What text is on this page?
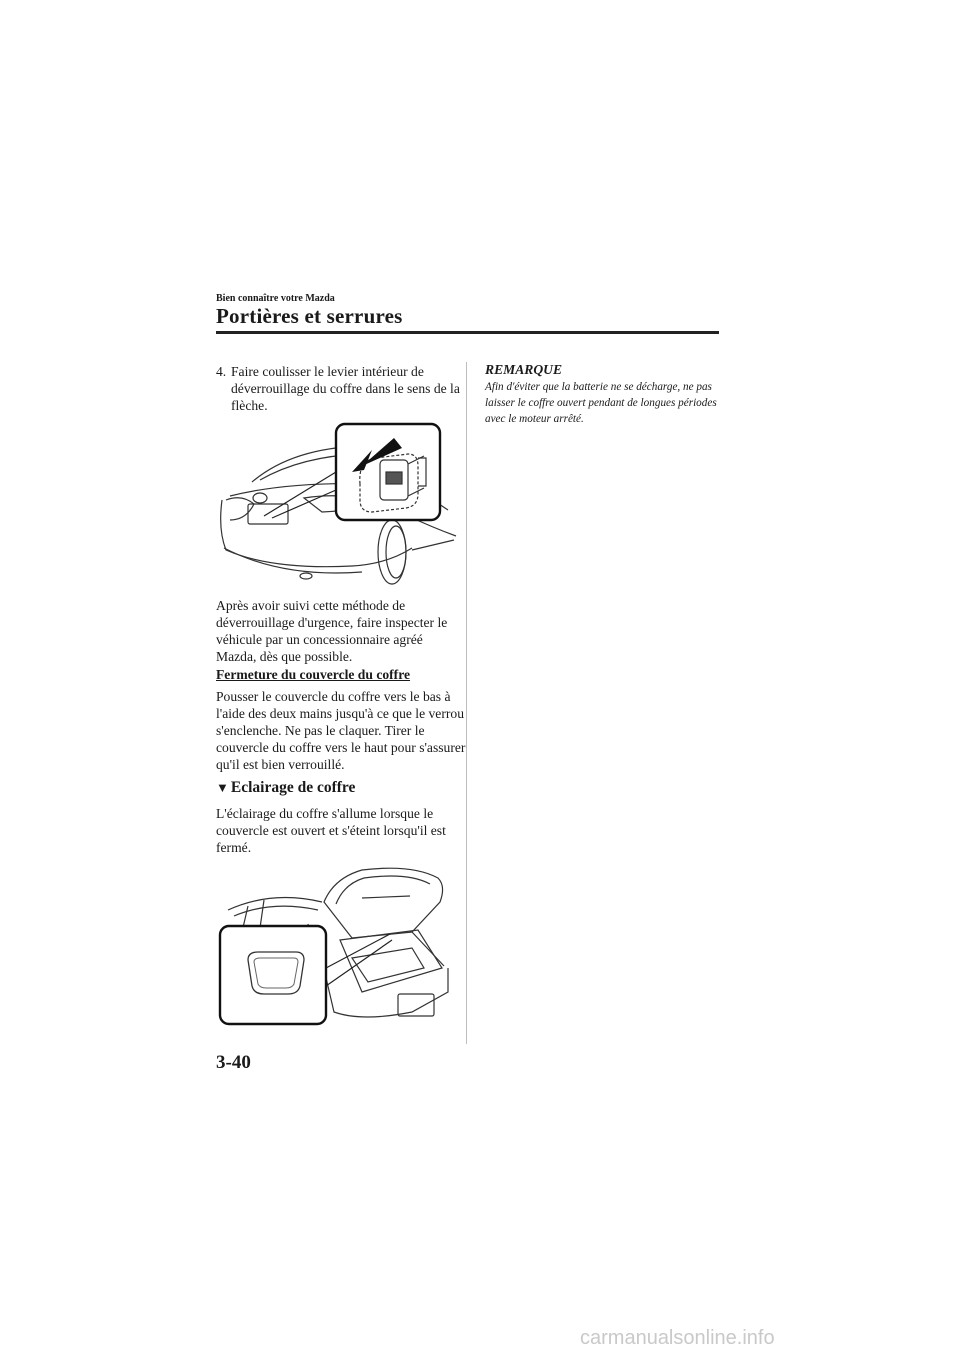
Bien connaître votre Mazda
Portières et serrures
4. Faire coulisser le levier intérieur de déverrouillage du coffre dans le sens de la flèche.
Après avoir suivi cette méthode de déverrouillage d'urgence, faire inspecter le véhicule par un concessionnaire agréé Mazda, dès que possible.
Fermeture du couvercle du coffre
Pousser le couvercle du coffre vers le bas à l'aide des deux mains jusqu'à ce que le verrou s'enclenche. Ne pas le claquer. Tirer le couvercle du coffre vers le haut pour s'assurer qu'il est bien verrouillé.
▼ Eclairage de coffre
L'éclairage du coffre s'allume lorsque le couvercle est ouvert et s'éteint lorsqu'il est fermé.
REMARQUE
Afin d'éviter que la batterie ne se décharge, ne pas laisser le coffre ouvert pendant de longues périodes avec le moteur arrêté.
3-40
carmanualsonline.info
